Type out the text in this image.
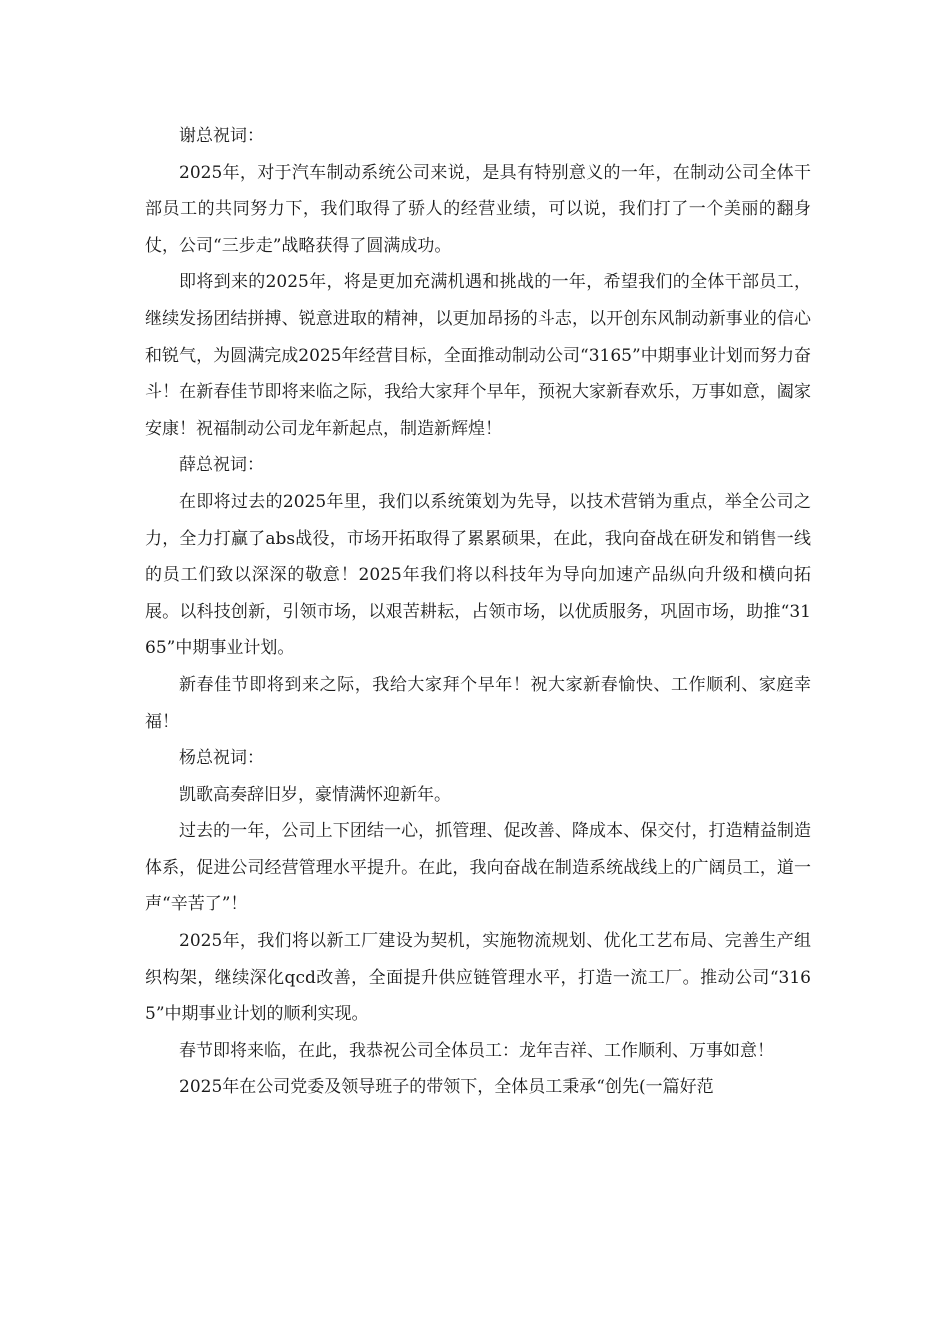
谢总祝词：

2025年，对于汽车制动系统公司来说，是具有特别意义的一年，在制动公司全体干部员工的共同努力下，我们取得了骄人的经营业绩，可以说，我们打了一个美丽的翻身仗，公司“三步走”战略获得了圆满成功。

即将到来的2025年，将是更加充满机遇和挑战的一年，希望我们的全体干部员工，继续发扬团结拼搏、锐意进取的精神，以更加昂扬的斗志，以开创东风制动新事业的信心和锐气，为圆满完成2025年经营目标，全面推动制动公司“3165”中期事业计划而努力奋斗！在新春佳节即将来临之际，我给大家拜个早年，预祝大家新春欢乐，万事如意，阖家安康！祝福制动公司龙年新起点，制造新辉煌！

薛总祝词：

在即将过去的2025年里，我们以系统策划为先导，以技术营销为重点，举全公司之力，全力打赢了abs战役，市场开拓取得了累累硕果，在此，我向奋战在研发和销售一线的员工们致以深深的敬意！2025年我们将以科技年为导向加速产品纵向升级和横向拓展。以科技创新，引领市场，以艰苦耕耘，占领市场，以优质服务，巩固市场，助推“3165”中期事业计划。

新春佳节即将到来之际，我给大家拜个早年！祝大家新春愉快、工作顺利、家庭幸福！

杨总祝词：

凯歌高奏辞旧岁，豪情满怀迎新年。

过去的一年，公司上下团结一心，抓管理、促改善、降成本、保交付，打造精益制造体系，促进公司经营管理水平提升。在此，我向奋战在制造系统战线上的广阔员工，道一声“辛苦了”！

2025年，我们将以新工厂建设为契机，实施物流规划、优化工艺布局、完善生产组织构架，继续深化qcd改善，全面提升供应链管理水平，打造一流工厂。推动公司“3165”中期事业计划的顺利实现。

春节即将来临，在此，我恭祝公司全体员工：龙年吉祥、工作顺利、万事如意！

2025年在公司党委及领导班子的带领下，全体员工秉承“创先(一篇好范
